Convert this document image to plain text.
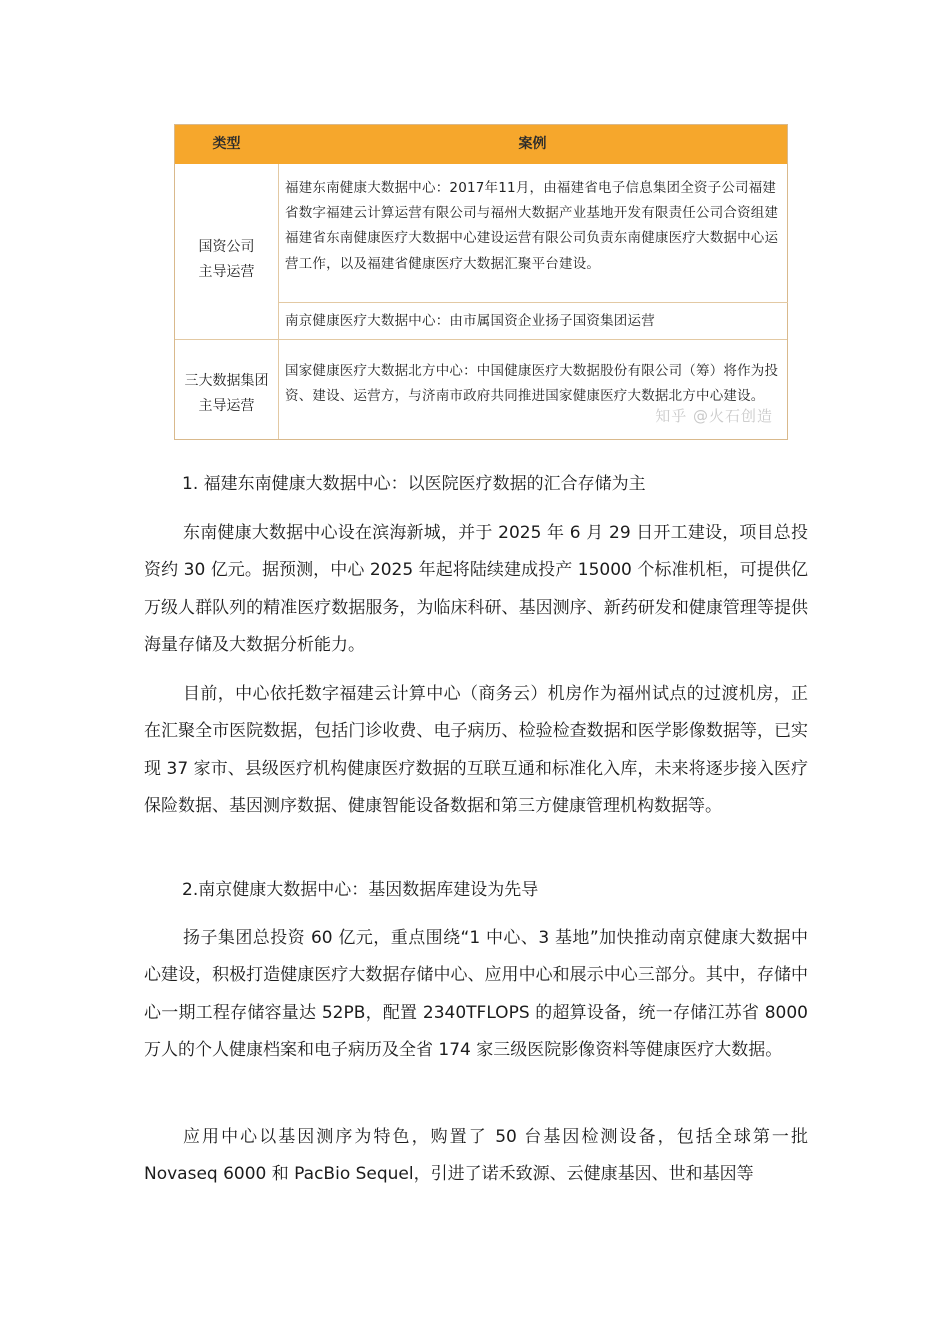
类型	案例
国资公司
主导运营
福建东南健康大数据中心：2017年11月，由福建省电子信息集团全资子公司福建省数字福建云计算运营有限公司与福州大数据产业基地开发有限责任公司合资组建福建省东南健康医疗大数据中心建设运营有限公司负责东南健康医疗大数据中心运营工作，以及福建省健康医疗大数据汇聚平台建设。
南京健康医疗大数据中心：由市属国资企业扬子国资集团运营
三大数据集团
主导运营
国家健康医疗大数据北方中心：中国健康医疗大数据股份有限公司（筹）将作为投资、建设、运营方，与济南市政府共同推进国家健康医疗大数据北方中心建设。
知乎 @火石创造

1. 福建东南健康大数据中心：以医院医疗数据的汇合存储为主

东南健康大数据中心设在滨海新城，并于 2025 年 6 月 29 日开工建设，项目总投资约 30 亿元。据预测，中心 2025 年起将陆续建成投产 15000 个标准机柜，可提供亿万级人群队列的精准医疗数据服务，为临床科研、基因测序、新药研发和健康管理等提供海量存储及大数据分析能力。

目前，中心依托数字福建云计算中心（商务云）机房作为福州试点的过渡机房，正在汇聚全市医院数据，包括门诊收费、电子病历、检验检查数据和医学影像数据等，已实现 37 家市、县级医疗机构健康医疗数据的互联互通和标准化入库，未来将逐步接入医疗保险数据、基因测序数据、健康智能设备数据和第三方健康管理机构数据等。

2.南京健康大数据中心：基因数据库建设为先导

扬子集团总投资 60 亿元，重点围绕“1 中心、3 基地”加快推动南京健康大数据中心建设，积极打造健康医疗大数据存储中心、应用中心和展示中心三部分。其中，存储中心一期工程存储容量达 52PB，配置 2340TFLOPS 的超算设备，统一存储江苏省 8000 万人的个人健康档案和电子病历及全省 174 家三级医院影像资料等健康医疗大数据。

应用中心以基因测序为特色，购置了 50 台基因检测设备，包括全球第一批 Novaseq 6000 和 PacBio Sequel，引进了诺禾致源、云健康基因、世和基因等
